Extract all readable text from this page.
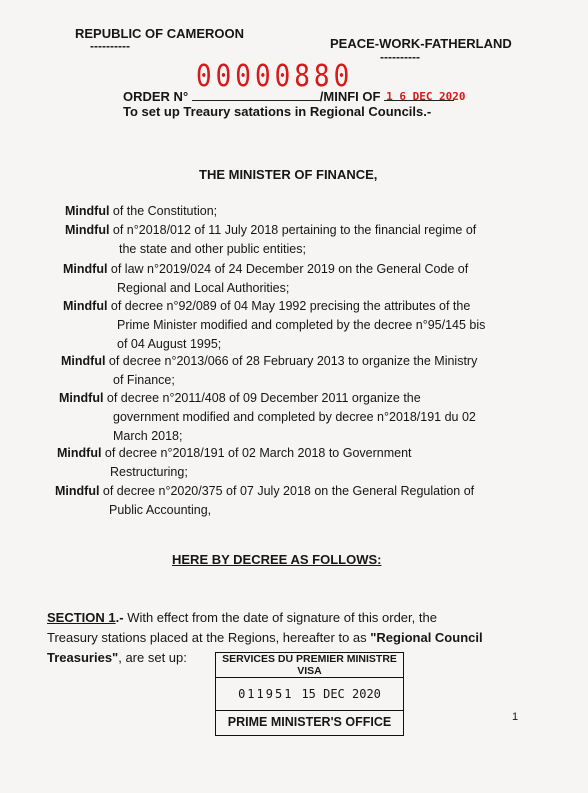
REPUBLIC OF CAMEROON
----------	PEACE-WORK-FATHERLAND
----------
00000880
ORDER N°	/MINFI OF 1 6 DEC 2020
To set up Treaury satations in Regional Councils.-
THE MINISTER OF FINANCE,
Mindful of the Constitution;
Mindful of n°2018/012 of 11 July 2018 pertaining to the financial regime of
the state and other public entities;
Mindful of law n°2019/024 of 24 December 2019 on the General Code of
Regional and Local Authorities;
Mindful of decree n°92/089 of 04 May 1992 precising the attributes of the
Prime Minister modified and completed by the decree n°95/145 bis
of 04 August 1995;
Mindful of decree n°2013/066 of 28 February 2013 to organize the Ministry
of Finance;
Mindful of decree n°2011/408 of 09 December 2011 organize the
government modified and completed by decree n°2018/191 du 02
March 2018;
Mindful of decree n°2018/191 of 02 March 2018 to Government
Restructuring;
Mindful of decree n°2020/375 of 07 July 2018 on the General Regulation of
Public Accounting,
HERE BY DECREE AS FOLLOWS:
SECTION 1.- With effect from the date of signature of this order, the
Treasury stations placed at the Regions, hereafter to as "Regional Council
Treasuries", are set up:	SERVICES DU PREMIER MINISTRE
VISA
011951 15 DEC 2020
PRIME MINISTER'S OFFICE	1
